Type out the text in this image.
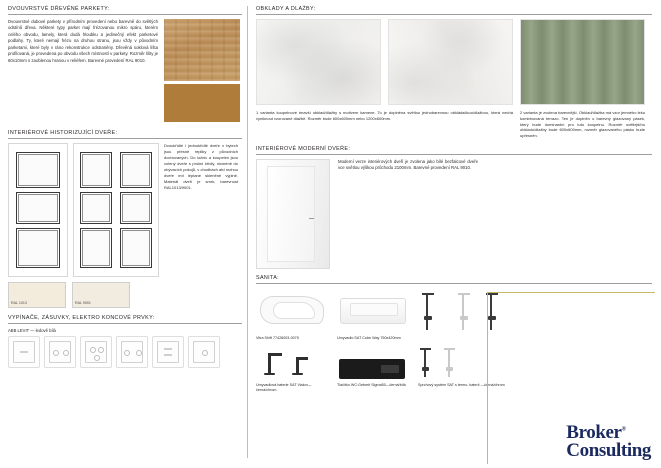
DVOUVRSTVÉ DŘEVĚNÉ PARKETY:
Dvouvrstvé dubové parkety v přírodním provedení nebo barevně do světlých odstínů dřeva. Některé typy parket mají frézovanou mikro spáru, kterém celého obvodu, lamely, která dodá hloubku a jedinečný efekt parketové podlahy. Ty, které nemají frézu na druhou stranu, jsou vždy v původním parketami, které byly v ráno rekonstrukce odstraněny. Dřevěná soklová lišta profilovaná, je provedena po obvodu všech místností v parkety. Rozměr lišty je 60x10mm s zaoblenou hranou v reliéfem. Barevné provedení RAL 9010.
INTERIÉROVÉ HISTORIZUJÍCÍ DVEŘE:
Dvoukřídlé i jednokřídlé dveře v bytech jsou přesné repliky z původních dochovaných. Do ložnic a koupelen jsou volený dveře s prolmi křídly, nicméně do obývacích pokojů, v chodbách atd mohou dveře mít leptané skleněné výplně. Materiál dveří je smrk, barevnost RAL1013/9001.
RAL 1013	RAL 9001
VYPÍNAČE, ZÁSUVKY, ELEKTRO KONCOVÉ PRVKY:
ABB LEVIT — ledově bílá
OBKLADY A DLAŽBY:
1 varianta koupelnové tmavší obklad/dlažby s motivem kamene. To je doplněna světlou jednobarevnou obkládačkou/dlažbou, která nechá vyniknout vzorované dlažbě. Rozměr bude 600x600mm nebo 1200x600mm.
2 varianta je zvolena barevnější. Obklad/dlažba má vzor jemného leku kombinovaná terrazo. Ten je doplněn o barevný glazovaný pásek, který bude dominantní pro tuto koupelnu. Rozměr světlejšího obkladu/dlažby bude 600x600mm, rozměr glazovaného pásku bude upřesněn.
INTERIÉROVÉ MODERNÍ DVEŘE:
Moderní verze interiérových dveří je zvolena jako bílé bezfalcové dveře vce světlou výškou průchodu 2100mm. Barevné provedení RAL 9010.
SANITA:
Vitra Shift 77428003-0075	Umyvadlo SAT Cube Way 750x420mm
Umyvadlová baterie SAT Vialon—černá/chrom
Tlačítko WC:Geberit Sigma50—černá/bílá	Sprchový systém SAT s termo. baterií —černá/chrom
Broker®
Consulting
